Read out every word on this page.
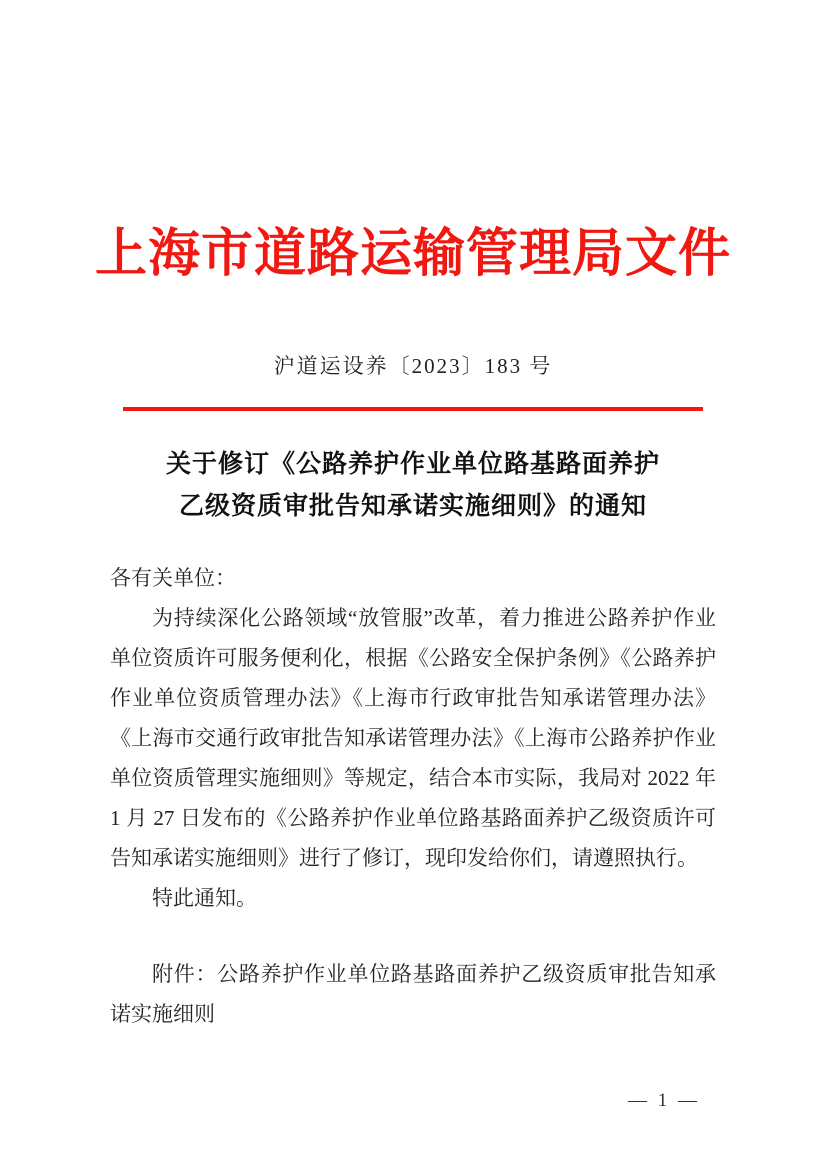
上海市道路运输管理局文件
沪道运设养〔2023〕183 号
关于修订《公路养护作业单位路基路面养护
乙级资质审批告知承诺实施细则》的通知

各有关单位：

为持续深化公路领域“放管服”改革，着力推进公路养护作业单位资质许可服务便利化，根据《公路安全保护条例》《公路养护作业单位资质管理办法》《上海市行政审批告知承诺管理办法》《上海市交通行政审批告知承诺管理办法》《上海市公路养护作业单位资质管理实施细则》等规定，结合本市实际，我局对 2022 年 1 月 27 日发布的《公路养护作业单位路基路面养护乙级资质许可告知承诺实施细则》进行了修订，现印发给你们，请遵照执行。

特此通知。

附件：公路养护作业单位路基路面养护乙级资质审批告知承诺实施细则

— 1 —
